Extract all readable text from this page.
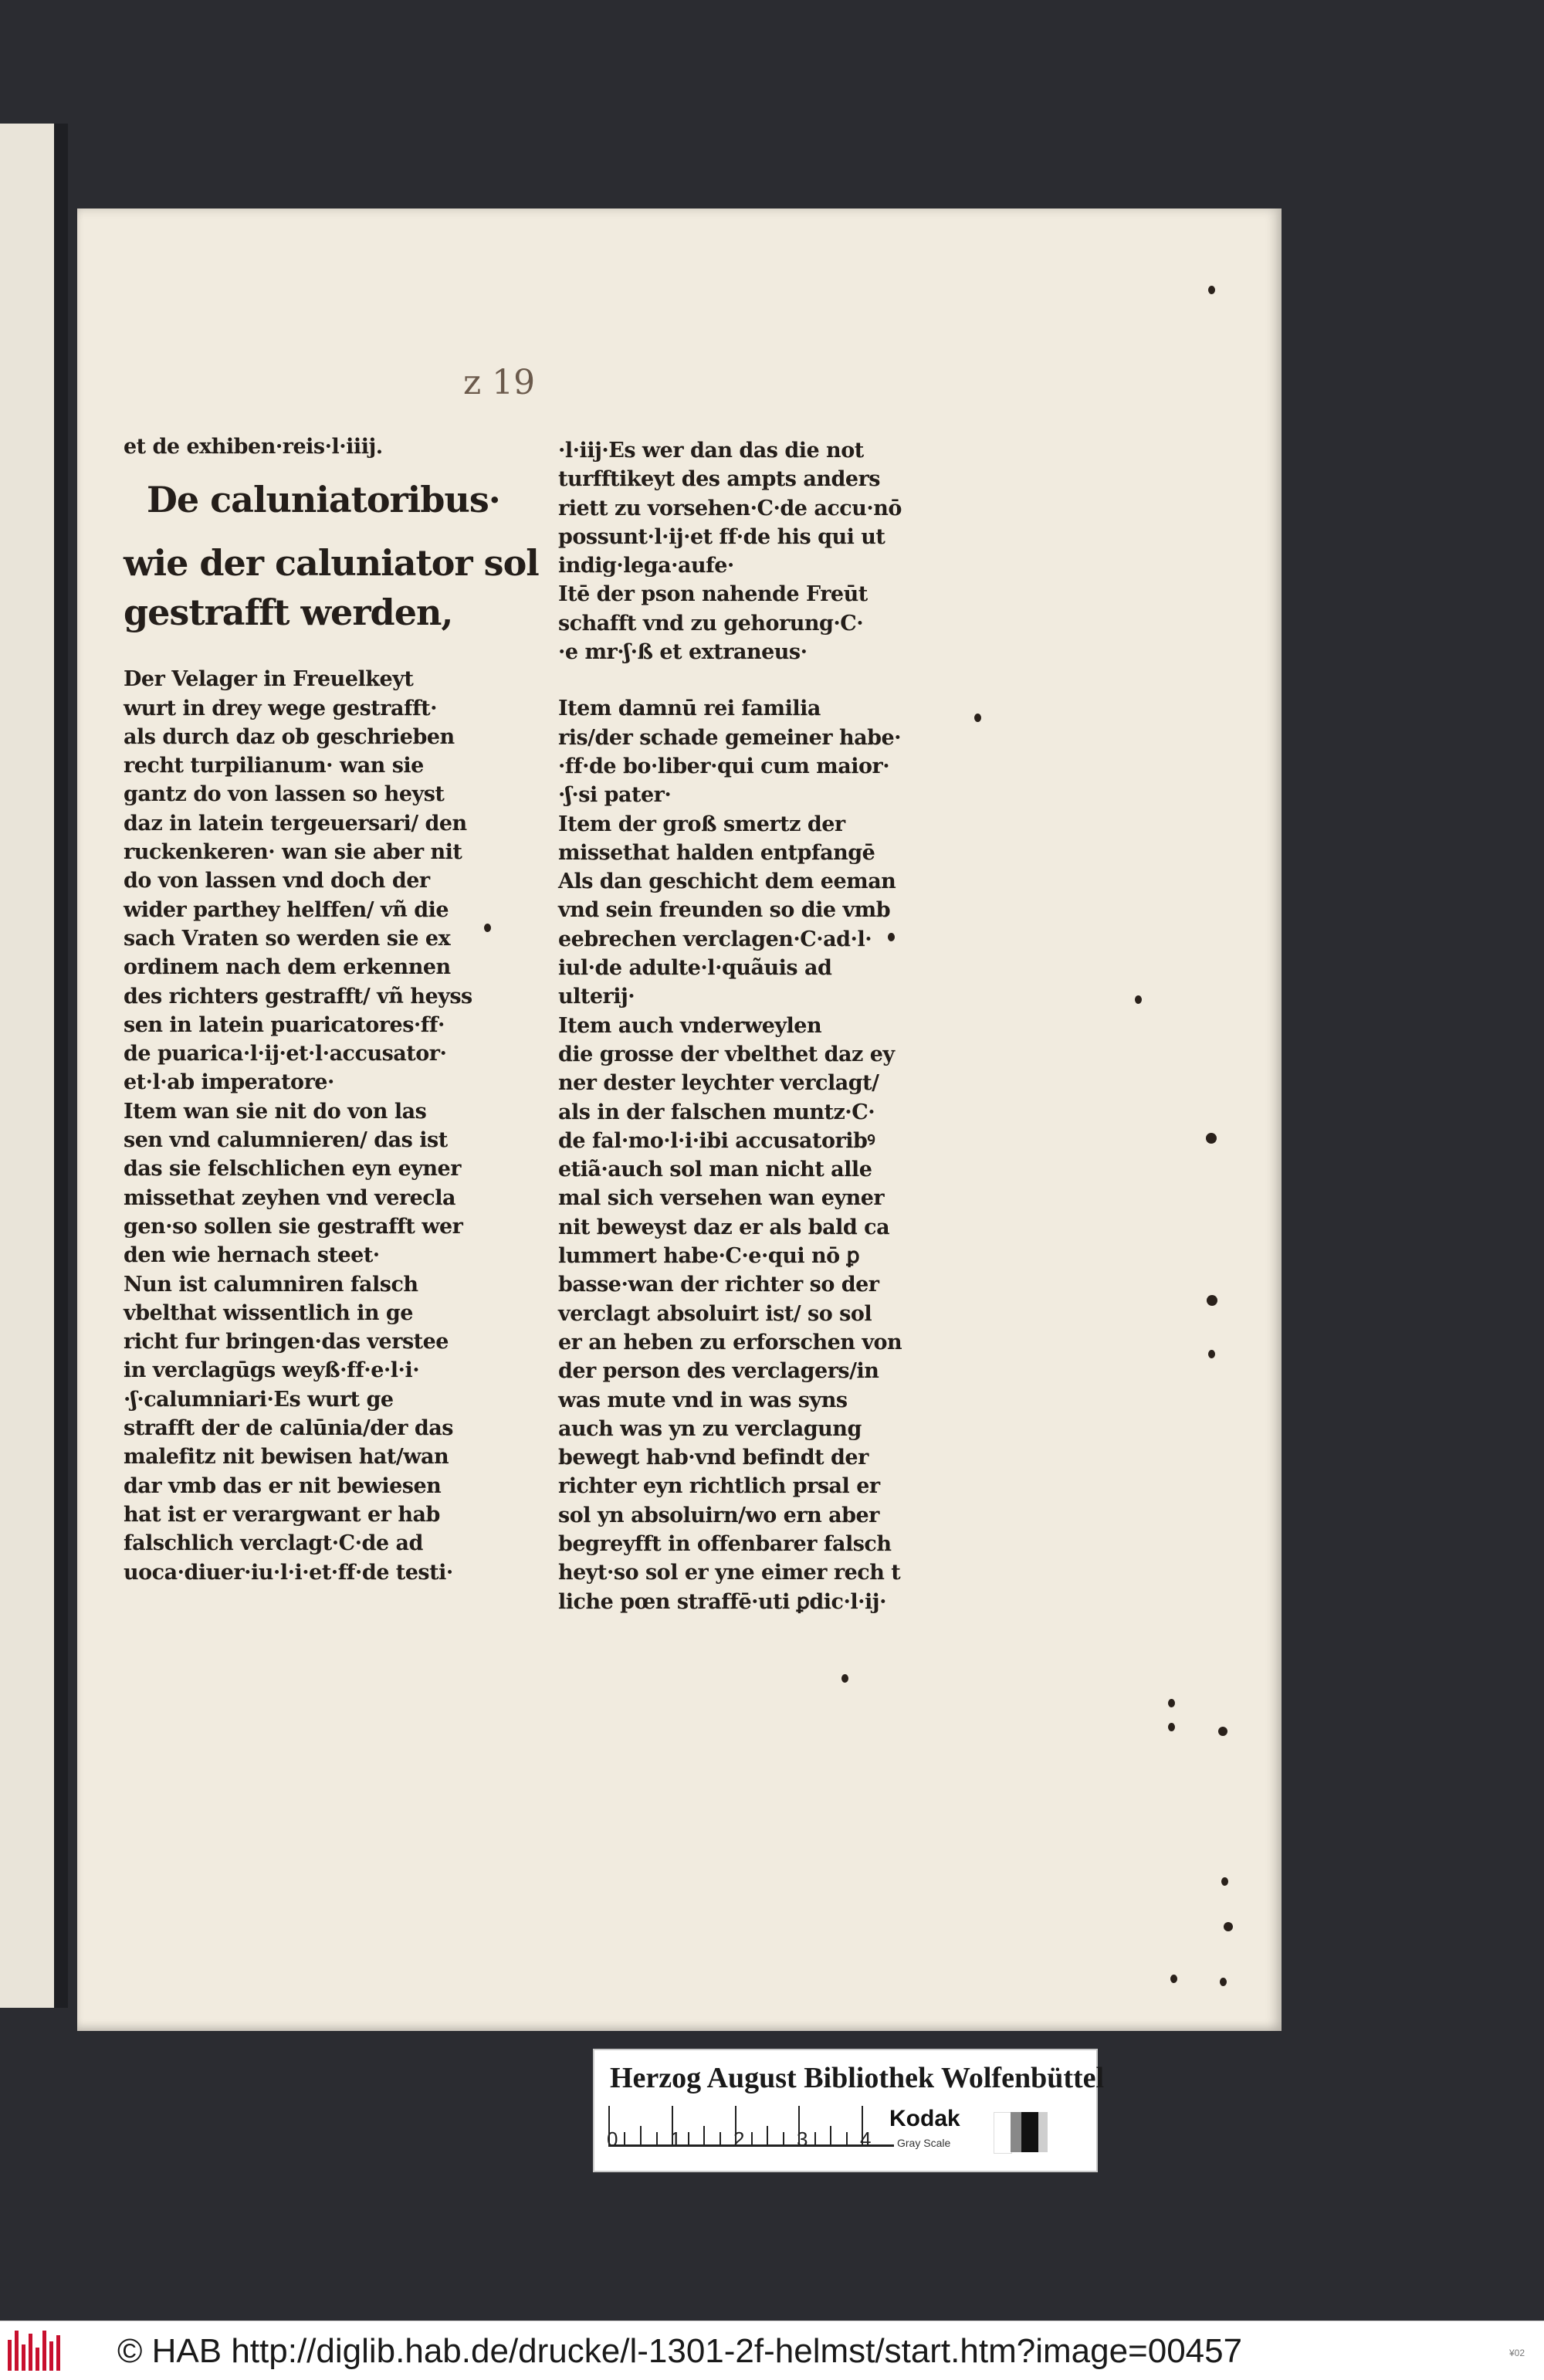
z 19
et de exhiben·reis·l·iiij.
De caluniatoribus·
wie der caluniator sol
gestrafft werden,
Der Velager in Freuelkeyt
wurt in drey wege gestrafft·
als durch daz ob geschrieben
recht turpilianum· wan sie
gantz do von lassen so heyst
daz in latein tergeuersari/ den
ruckenkeren· wan sie aber nit
do von lassen vnd doch der
wider parthey helffen/ vñ die
sach Vraten so werden sie ex
ordinem nach dem erkennen
des richters gestrafft/ vñ heyss
sen in latein puaricatores·ff·
de puarica·l·ij·et·l·accusator·
et·l·ab imperatore·
Item wan sie nit do von las
sen vnd calumnieren/ das ist
das sie felschlichen eyn eyner
missethat zeyhen vnd verecla
gen·so sollen sie gestrafft wer
den wie hernach steet·
Nun ist calumniren falsch
vbelthat wissentlich in ge
richt fur bringen·das verstee
in verclagūgs weyß·ff·e·l·i·
·ʃ·calumniari·Es wurt ge
strafft der de calūnia/der das
malefitz nit bewisen hat/wan
dar vmb das er nit bewiesen
hat ist er verargwant er hab
falschlich verclagt·C·de ad
uoca·diuer·iu·l·i·et·ff·de testi·
·l·iij·Es wer dan das die not
turfftikeyt des ampts anders
riett zu vorsehen·C·de accu·nō
possunt·l·ij·et ff·de his qui ut
indig·lega·aufe·
Itē der pson nahende Freūt
schafft vnd zu gehorung·C·
·e mr·ʃ·ß et extraneus·
Item damnū rei familia
ris/der schade gemeiner habe·
·ff·de bo·liber·qui cum maior·
·ʃ·si pater·
Item der groß smertz der
missethat halden entpfangē
Als dan geschicht dem eeman
vnd sein freunden so die vmb
eebrechen verclagen·C·ad·l·
iul·de adulte·l·quãuis ad
ulterij·
Item auch vnderweylen
die grosse der vbelthet daz ey
ner dester leychter verclagt/
als in der falschen muntz·C·
de fal·mo·l·i·ibi accusatoribꝰ
etiã·auch sol man nicht alle
mal sich versehen wan eyner
nit beweyst daz er als bald ca
lummert habe·C·e·qui nō ꝑ
basse·wan der richter so der
verclagt absoluirt ist/ so sol
er an heben zu erforschen von
der person des verclagers/in
was mute vnd in was syns
auch was yn zu verclagung
bewegt hab·vnd befindt der
richter eyn richtlich prsal er
sol yn absoluirn/wo ern aber
begreyfft in offenbarer falsch
heyt·so sol er yne eimer rech t
liche pœn straffē·uti ꝑdic·l·ij·
Herzog August Bibliothek Wolfenbüttel
0	1	2	3	4
Kodak
Gray Scale
© HAB http://diglib.hab.de/drucke/l-1301-2f-helmst/start.htm?image=00457	¥02
